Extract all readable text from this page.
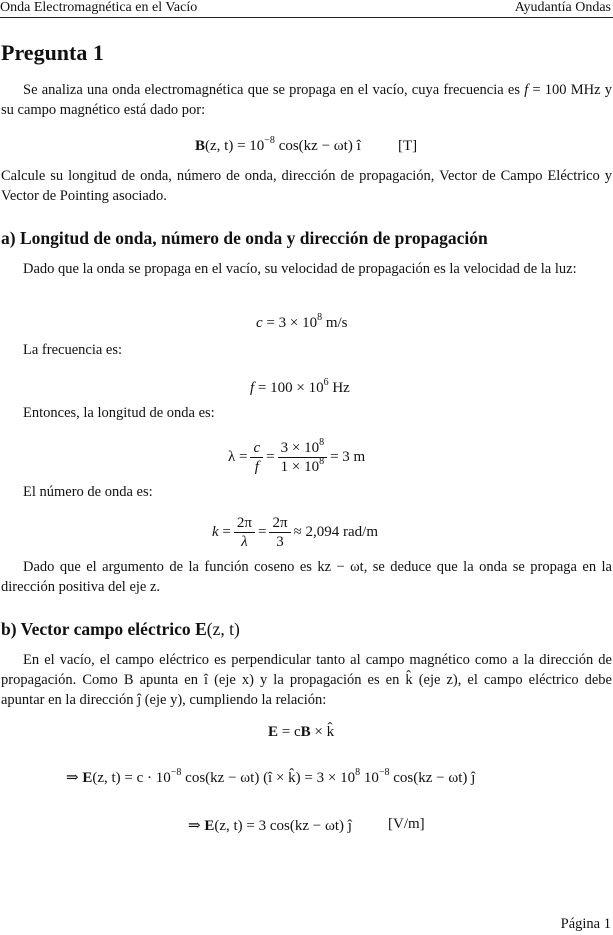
Onda Electromagnética en el Vacío	Ayudantía Ondas
Pregunta 1
Se analiza una onda electromagnética que se propaga en el vacío, cuya frecuencia es f = 100 MHz y su campo magnético está dado por:
B(z, $t) = 10^{-8}$ cos(kz − ωt) î [T]
Calcule su longitud de onda, número de onda, dirección de propagación, Vector de Campo Eléctrico y Vector de Pointing asociado.
a) Longitud de onda, número de onda y dirección de propagación
Dado que la onda se propaga en el vacío, su velocidad de propagación es la velocidad de la luz:
$c = 3 \times 10^8$ m/s
La frecuencia es:
$f = 100 \times 10^6$ Hz
Entonces, la longitud de onda es:
$\lambda = \frac{c}{f} = \frac{3 \times 10^8}{1 \times 10^8} = 3$ m
El número de onda es:
$k = \frac{2\pi}{\lambda} = \frac{2\pi}{3} \approx 2,094$ rad/m
Dado que el argumento de la función coseno es kz − ωt, se deduce que la onda se propaga en la dirección positiva del eje z.
b) Vector campo eléctrico E(z, t)
En el vacío, el campo eléctrico es perpendicular tanto al campo magnético como a la dirección de propagación. Como B apunta en î (eje x) y la propagación es en k̂ (eje z), el campo eléctrico debe apuntar en la dirección ĵ (eje y), cumpliendo la relación:
E = cB × k̂
⇒ E(z, $t) = c \cdot 10^{-8}$ cos(kz − ωt) (î × k̂) = $3 \times 10^8$ $10^{-8}$ cos(kz − ωt) ĵ
⇒ E(z, t) = 3 cos(kz − ωt) ĵ [V/m]
Página 1
